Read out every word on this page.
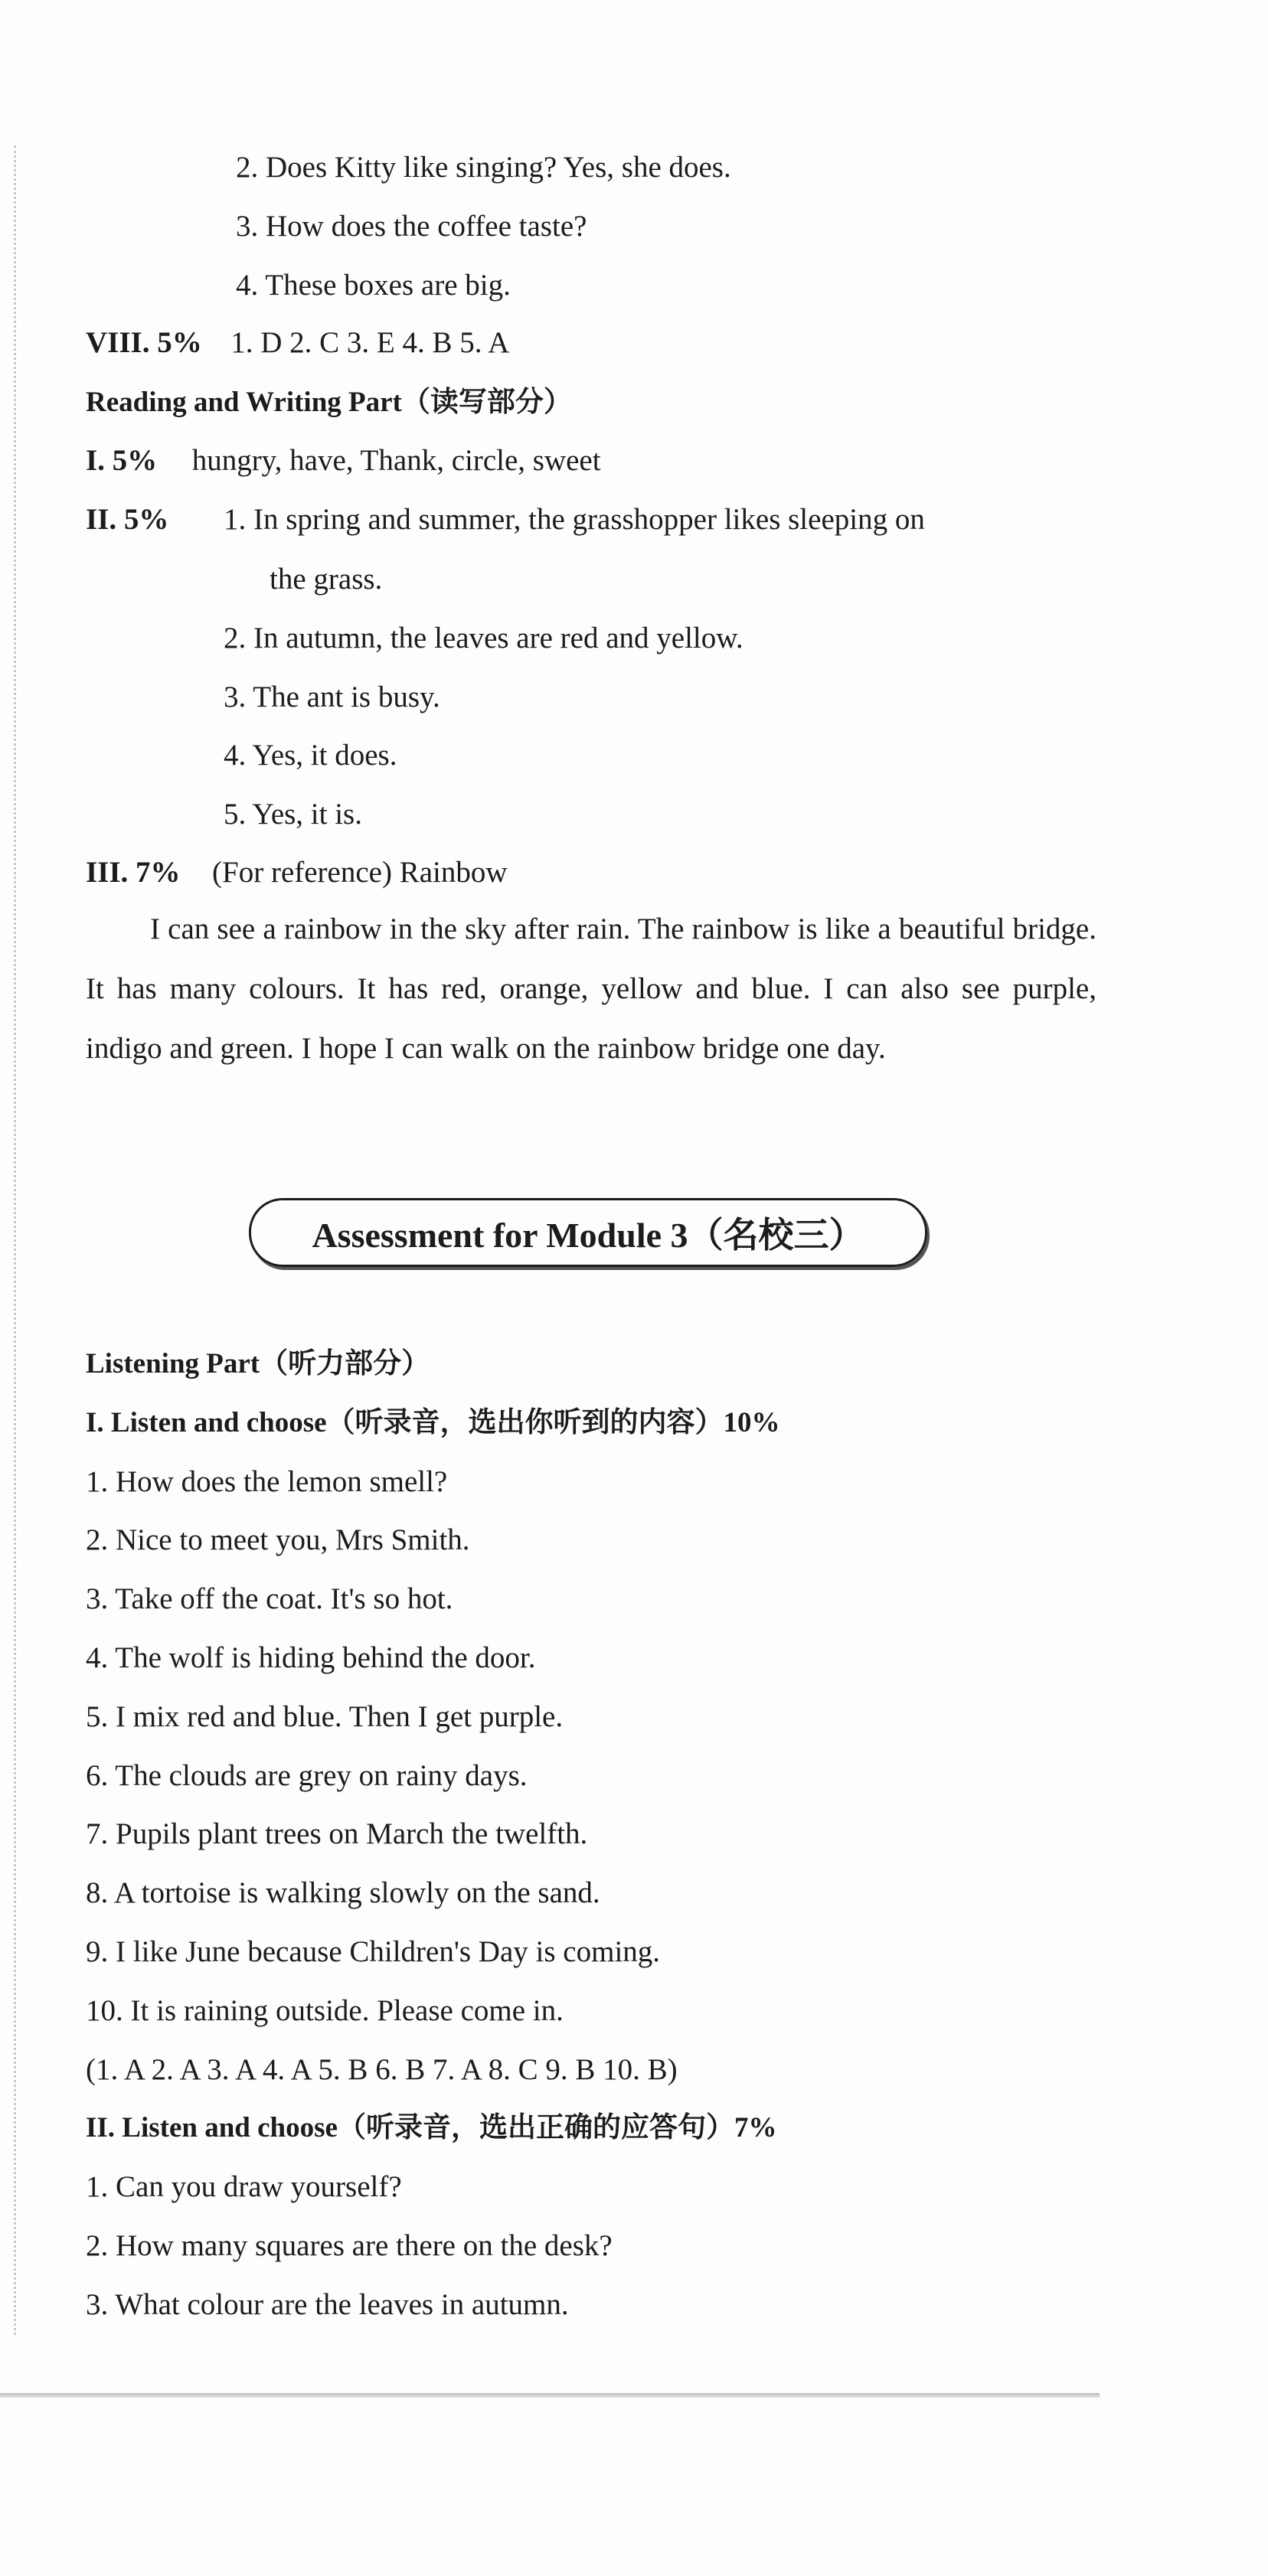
2. Does Kitty like singing? Yes, she does.
3. How does the coffee taste?
4. These boxes are big.
VIII. 5% 1. D 2. C 3. E 4. B 5. A
Reading and Writing Part（读写部分）
I. 5% hungry, have, Thank, circle, sweet
II. 5% 1. In spring and summer, the grasshopper likes sleeping on
the grass.
2. In autumn, the leaves are red and yellow.
3. The ant is busy.
4. Yes, it does.
5. Yes, it is.
III. 7% (For reference) Rainbow
I can see a rainbow in the sky after rain. The rainbow is like a beautiful bridge. It has many colours. It has red, orange, yellow and blue. I can also see purple, indigo and green. I hope I can walk on the rainbow bridge one day.
Assessment for Module 3（名校三）
Listening Part（听力部分）
I. Listen and choose（听录音，选出你听到的内容）10%
1. How does the lemon smell?
2. Nice to meet you, Mrs Smith.
3. Take off the coat. It's so hot.
4. The wolf is hiding behind the door.
5. I mix red and blue. Then I get purple.
6. The clouds are grey on rainy days.
7. Pupils plant trees on March the twelfth.
8. A tortoise is walking slowly on the sand.
9. I like June because Children's Day is coming.
10. It is raining outside. Please come in.
(1. A 2. A 3. A 4. A 5. B 6. B 7. A 8. C 9. B 10. B)
II. Listen and choose（听录音，选出正确的应答句）7%
1. Can you draw yourself?
2. How many squares are there on the desk?
3. What colour are the leaves in autumn.
